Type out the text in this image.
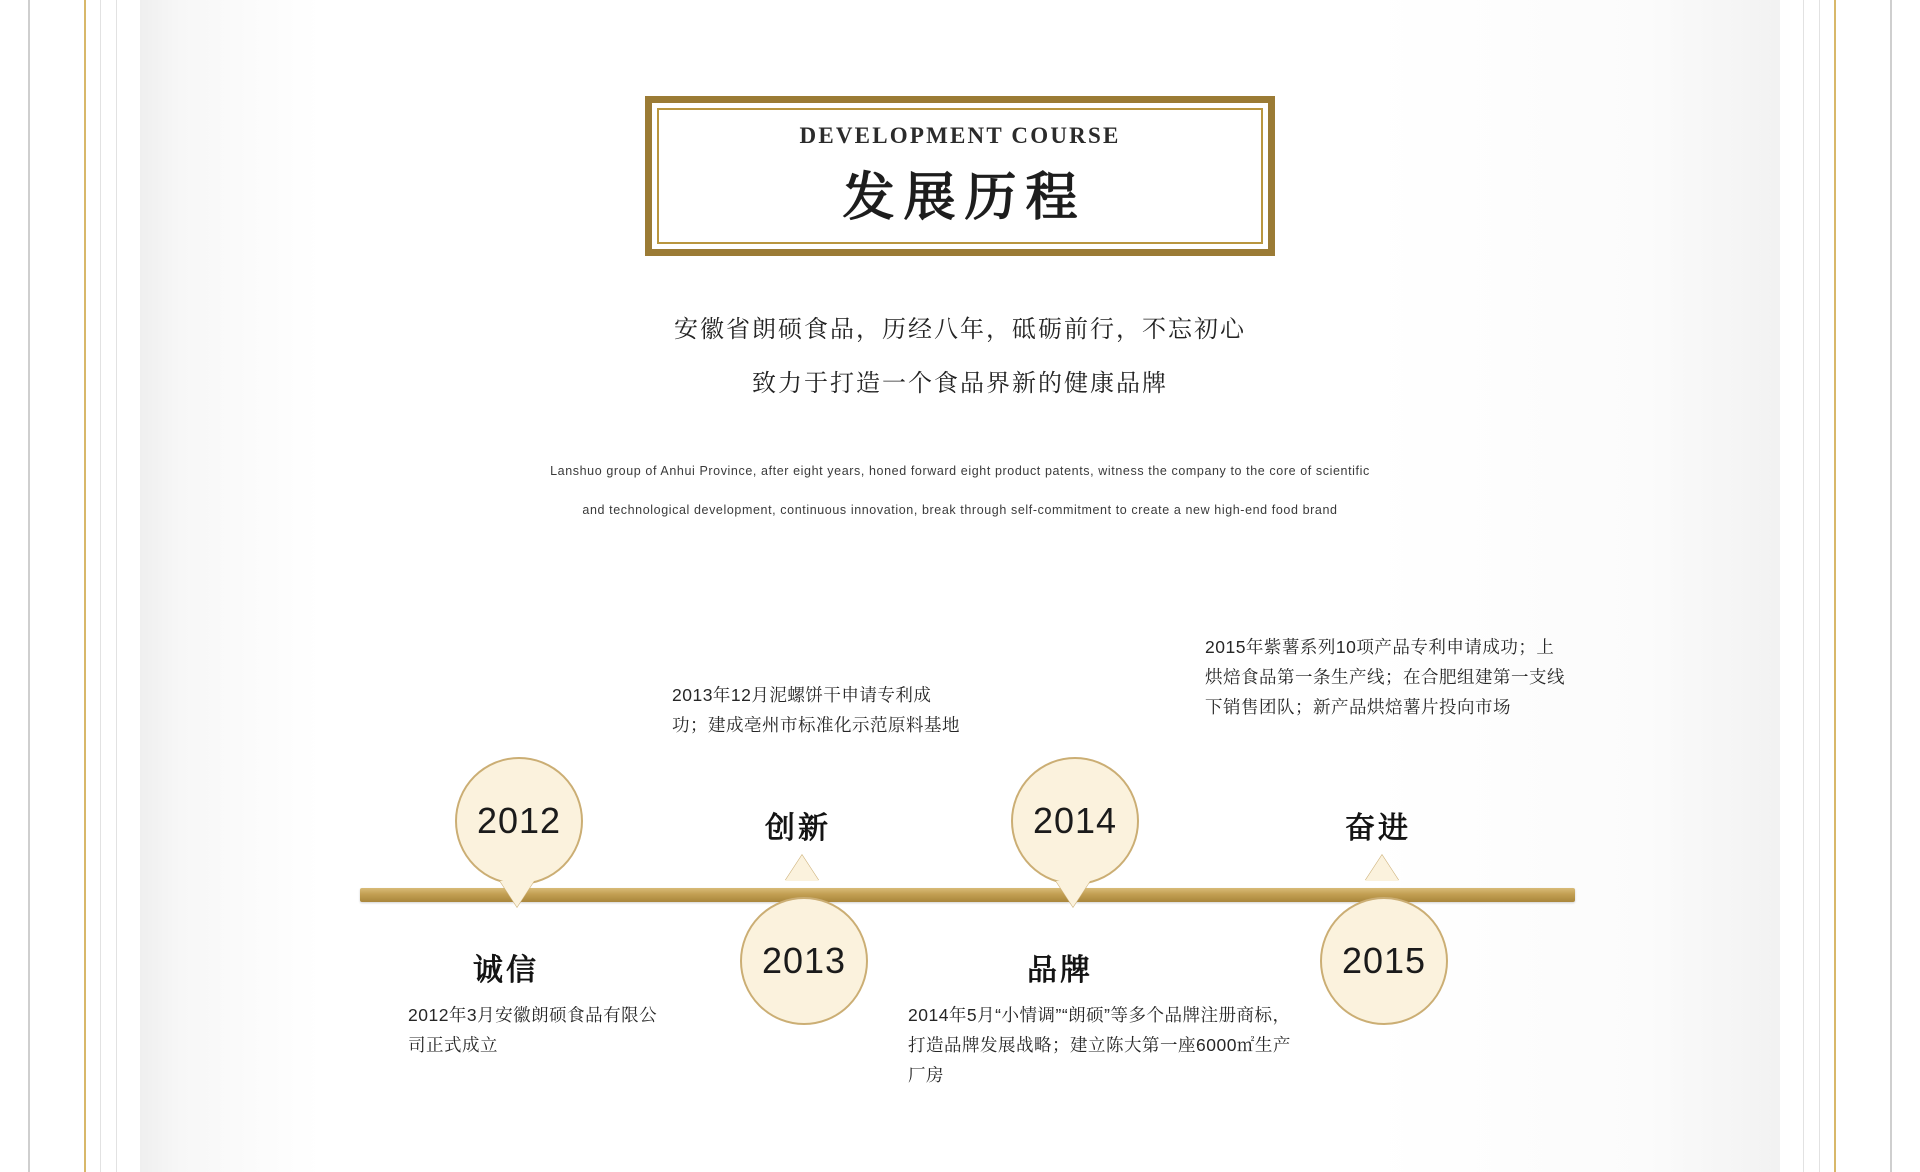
DEVELOPMENT COURSE
发展历程
安徽省朗硕食品，历经八年，砥砺前行，不忘初心
致力于打造一个食品界新的健康品牌
Lanshuo group of Anhui Province, after eight years, honed forward eight product patents, witness the company to the core of scientific
and technological development, continuous innovation, break through self-commitment to create a new high-end food brand
2012
诚信
2012年3月安徽朗硕食品有限公司正式成立
2013
创新
2013年12月泥螺饼干申请专利成功；建成亳州市标准化示范原料基地
2014
品牌
2014年5月“小情调”“朗硕”等多个品牌注册商标，打造品牌发展战略；建立陈大第一座6000㎡生产厂房
2015
奋进
2015年紫薯系列10项产品专利申请成功；上烘焙食品第一条生产线；在合肥组建第一支线下销售团队；新产品烘焙薯片投向市场
